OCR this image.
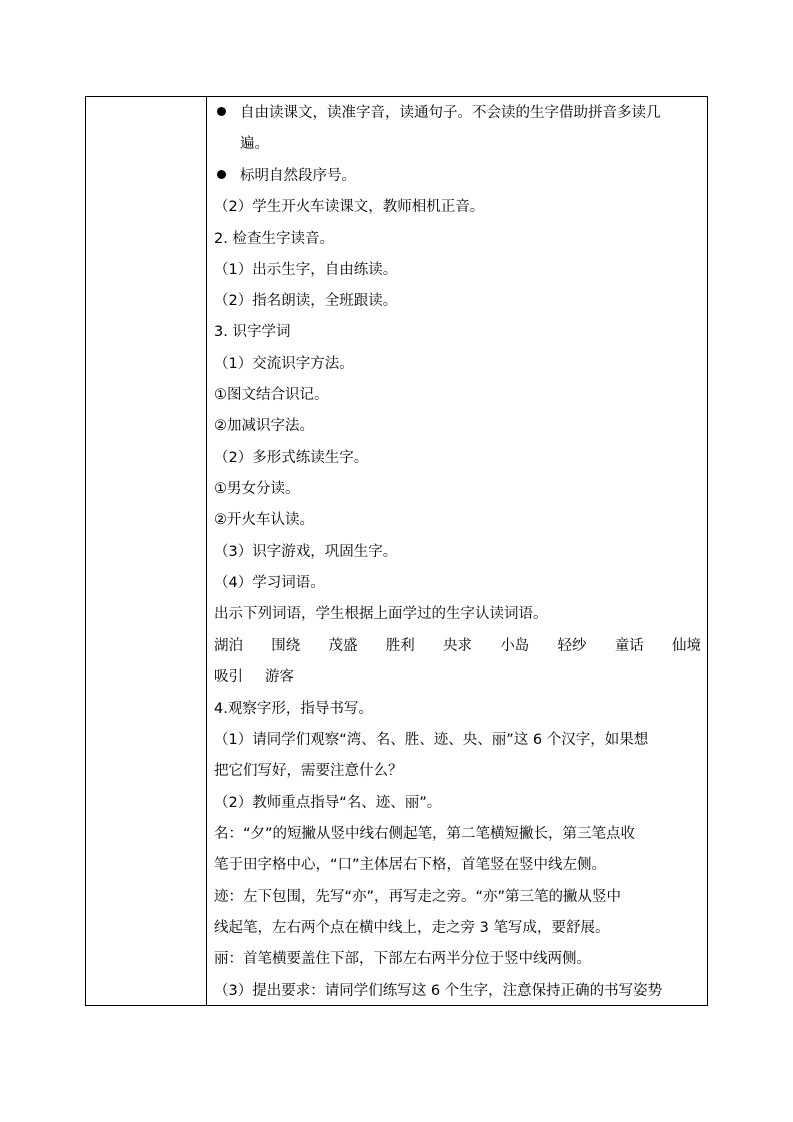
自由读课文，读准字音，读通句子。不会读的生字借助拼音多读几
遍。
标明自然段序号。
（2）学生开火车读课文，教师相机正音。
2. 检查生字读音。
（1）出示生字，自由练读。
（2）指名朗读，全班跟读。
3. 识字学词
（1）交流识字方法。
①图文结合识记。
②加减识字法。
（2）多形式练读生字。
①男女分读。
②开火车认读。
（3）识字游戏，巩固生字。
（4）学习词语。
出示下列词语，学生根据上面学过的生字认读词语。
湖泊 围绕 茂盛 胜利 央求 小岛 轻纱 童话 仙境
吸引 游客
4.观察字形，指导书写。
（1）请同学们观察“湾、名、胜、迹、央、丽”这 6 个汉字，如果想
把它们写好，需要注意什么？
（2）教师重点指导“名、迹、丽”。
名：“夕”的短撇从竖中线右侧起笔，第二笔横短撇长，第三笔点收
笔于田字格中心，“口”主体居右下格，首笔竖在竖中线左侧。
迹：左下包围，先写“亦”，再写走之旁。“亦”第三笔的撇从竖中
线起笔，左右两个点在横中线上，走之旁 3 笔写成，要舒展。
丽：首笔横要盖住下部，下部左右两半分位于竖中线两侧。
（3）提出要求：请同学们练写这 6 个生字，注意保持正确的书写姿势
